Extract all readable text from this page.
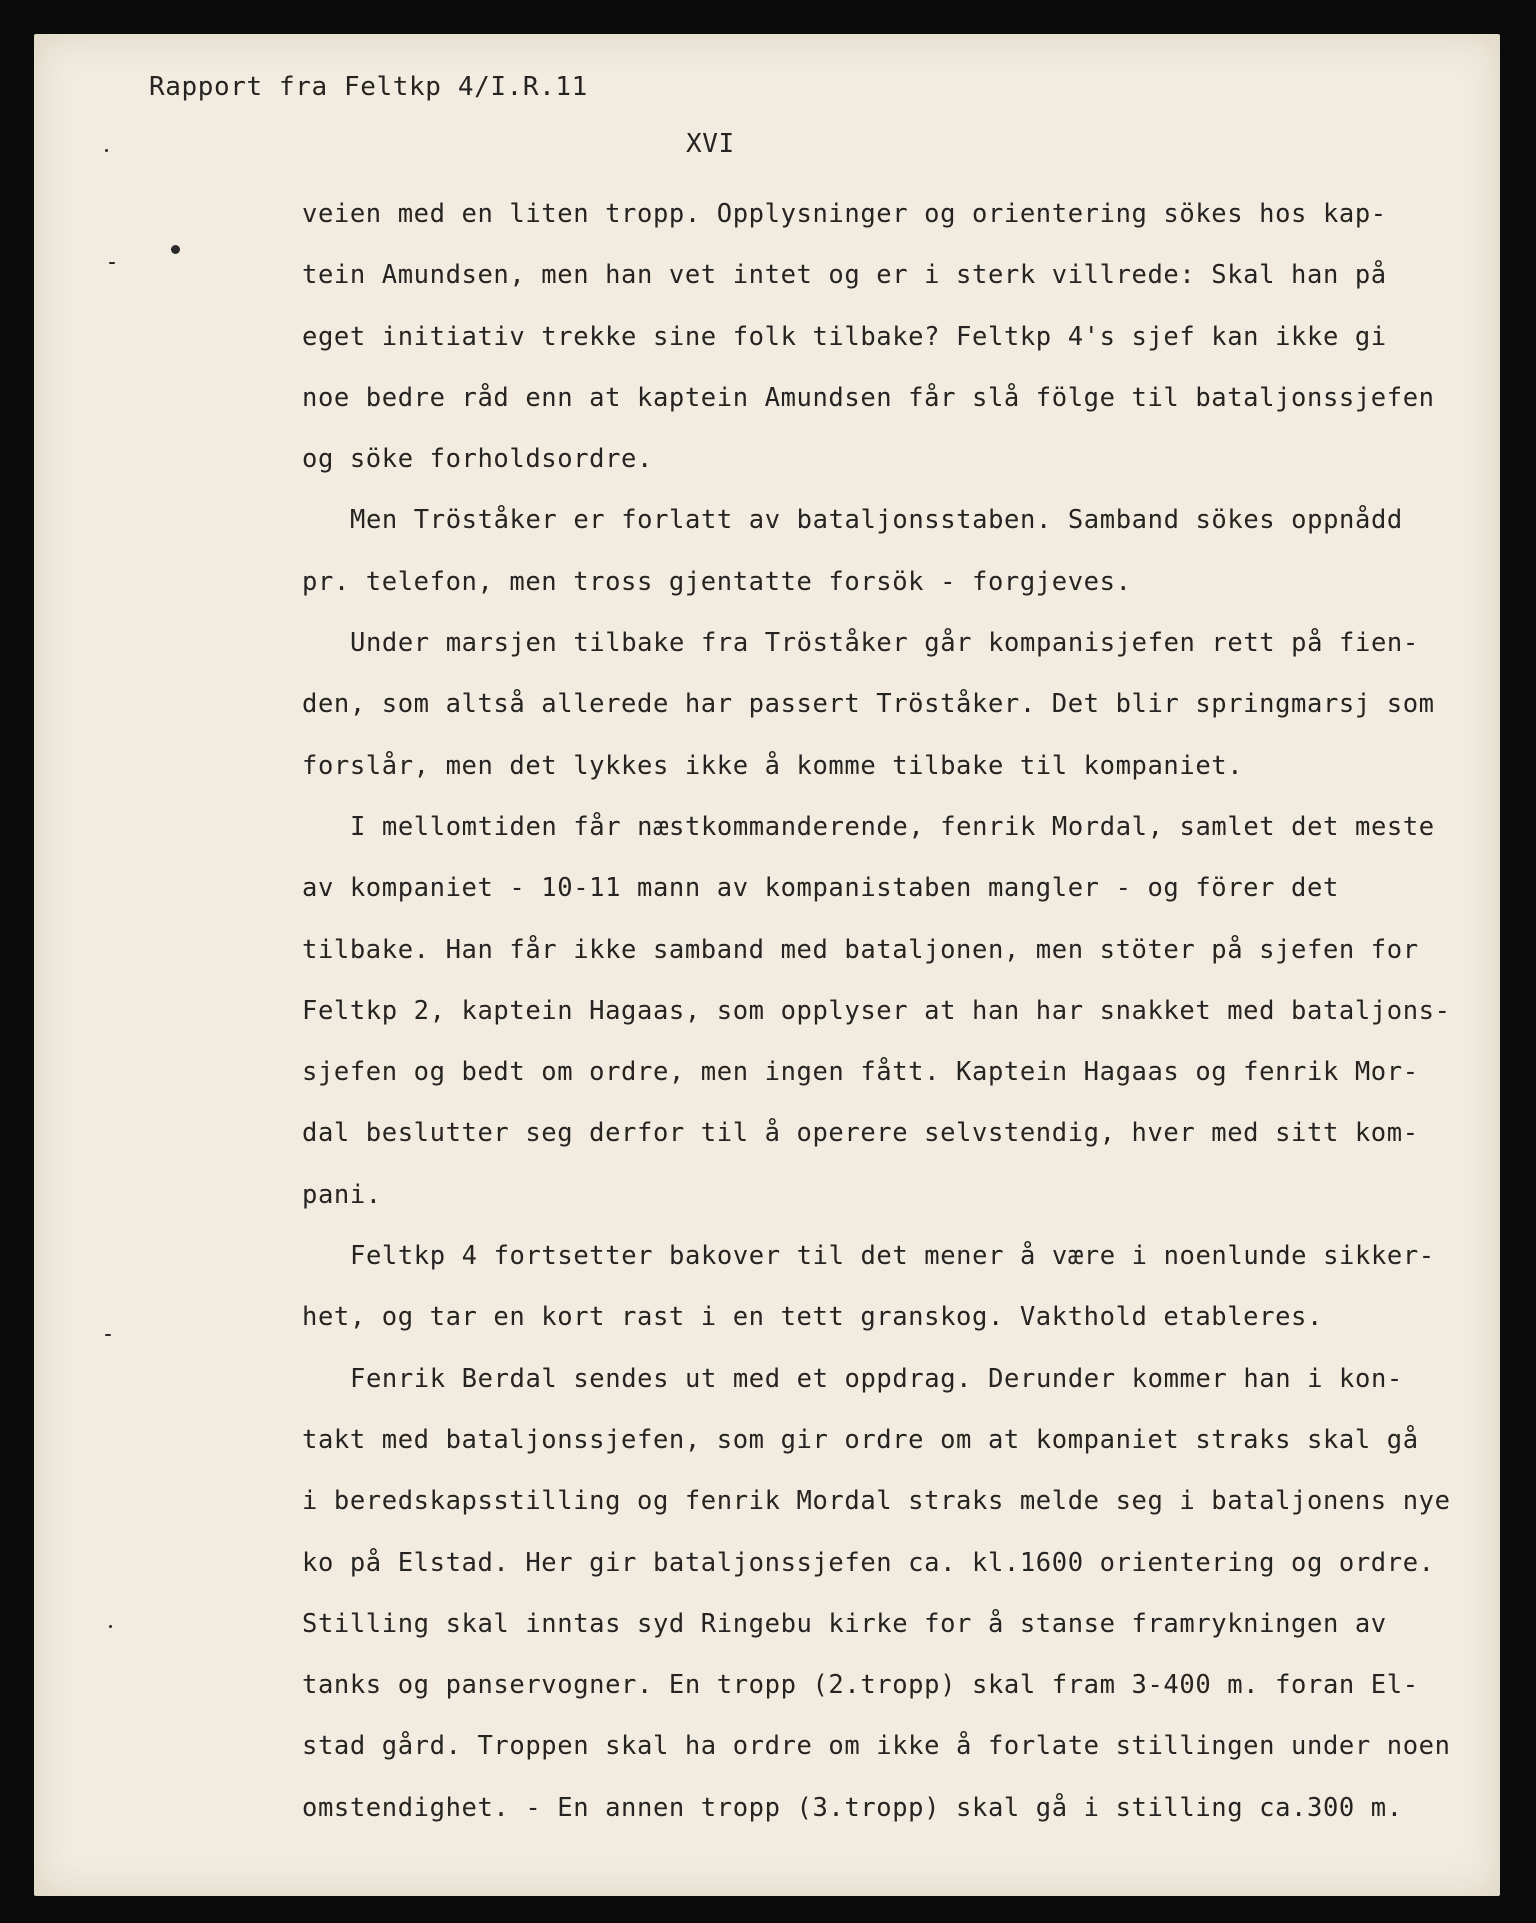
Rapport fra Feltkp 4/I.R.11
XVI
veien med en liten tropp. Opplysninger og orientering sökes hos kap-
tein Amundsen, men han vet intet og er i sterk villrede: Skal han på
eget initiativ trekke sine folk tilbake? Feltkp 4's sjef kan ikke gi
noe bedre råd enn at kaptein Amundsen får slå fölge til bataljonssjefen
og söke forholdsordre.
Men Tröståker er forlatt av bataljonsstaben. Samband sökes oppnådd
pr. telefon, men tross gjentatte forsök - forgjeves.
Under marsjen tilbake fra Tröståker går kompanisjefen rett på fien-
den, som altså allerede har passert Tröståker. Det blir springmarsj som
forslår, men det lykkes ikke å komme tilbake til kompaniet.
I mellomtiden får næstkommanderende, fenrik Mordal, samlet det meste
av kompaniet - 10-11 mann av kompanistaben mangler - og förer det
tilbake. Han får ikke samband med bataljonen, men stöter på sjefen for
Feltkp 2, kaptein Hagaas, som opplyser at han har snakket med bataljons-
sjefen og bedt om ordre, men ingen fått. Kaptein Hagaas og fenrik Mor-
dal beslutter seg derfor til å operere selvstendig, hver med sitt kom-
pani.
Feltkp 4 fortsetter bakover til det mener å være i noenlunde sikker-
het, og tar en kort rast i en tett granskog. Vakthold etableres.
Fenrik Berdal sendes ut med et oppdrag. Derunder kommer han i kon-
takt med bataljonssjefen, som gir ordre om at kompaniet straks skal gå
i beredskapsstilling og fenrik Mordal straks melde seg i bataljonens nye
ko på Elstad. Her gir bataljonssjefen ca. kl.1600 orientering og ordre.
Stilling skal inntas syd Ringebu kirke for å stanse framrykningen av
tanks og panservogner. En tropp (2.tropp) skal fram 3-400 m. foran El-
stad gård. Troppen skal ha ordre om ikke å forlate stillingen under noen
omstendighet. - En annen tropp (3.tropp) skal gå i stilling ca.300 m.
